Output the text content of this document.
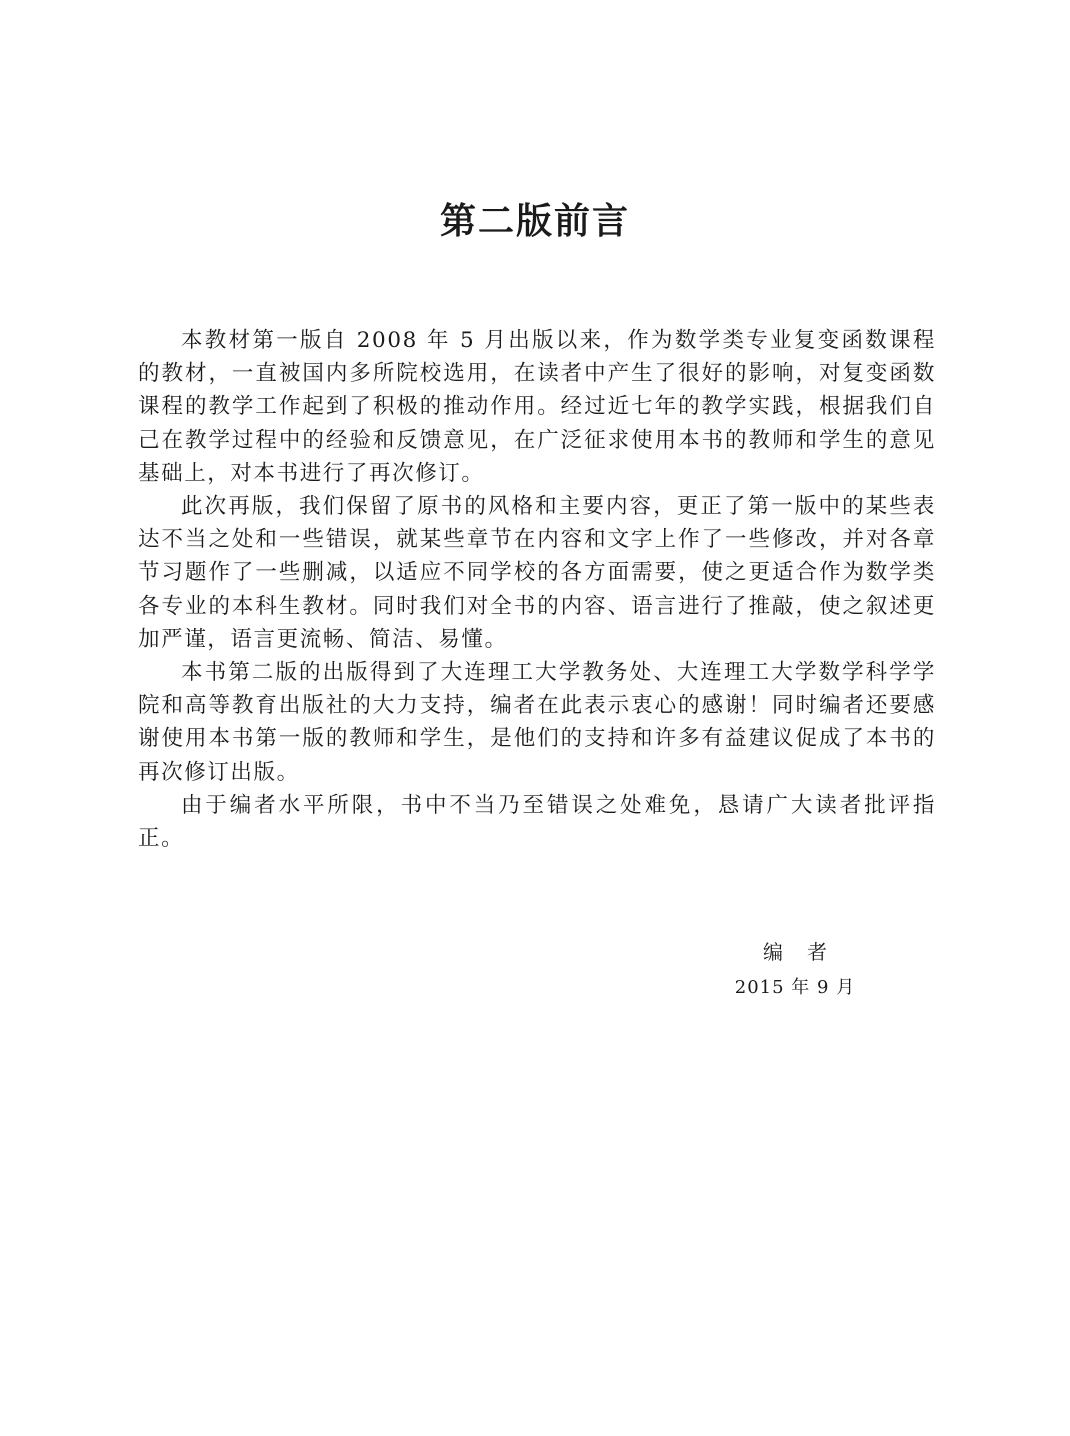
第二版前言

本教材第一版自 2008 年 5 月出版以来，作为数学类专业复变函数课程的教材，一直被国内多所院校选用，在读者中产生了很好的影响，对复变函数课程的教学工作起到了积极的推动作用。经过近七年的教学实践，根据我们自己在教学过程中的经验和反馈意见，在广泛征求使用本书的教师和学生的意见基础上，对本书进行了再次修订。

此次再版，我们保留了原书的风格和主要内容，更正了第一版中的某些表达不当之处和一些错误，就某些章节在内容和文字上作了一些修改，并对各章节习题作了一些删减，以适应不同学校的各方面需要，使之更适合作为数学类各专业的本科生教材。同时我们对全书的内容、语言进行了推敲，使之叙述更加严谨，语言更流畅、简洁、易懂。

本书第二版的出版得到了大连理工大学教务处、大连理工大学数学科学学院和高等教育出版社的大力支持，编者在此表示衷心的感谢！同时编者还要感谢使用本书第一版的教师和学生，是他们的支持和许多有益建议促成了本书的再次修订出版。

由于编者水平所限，书中不当乃至错误之处难免，恳请广大读者批评指正。

编者
2015 年 9 月
